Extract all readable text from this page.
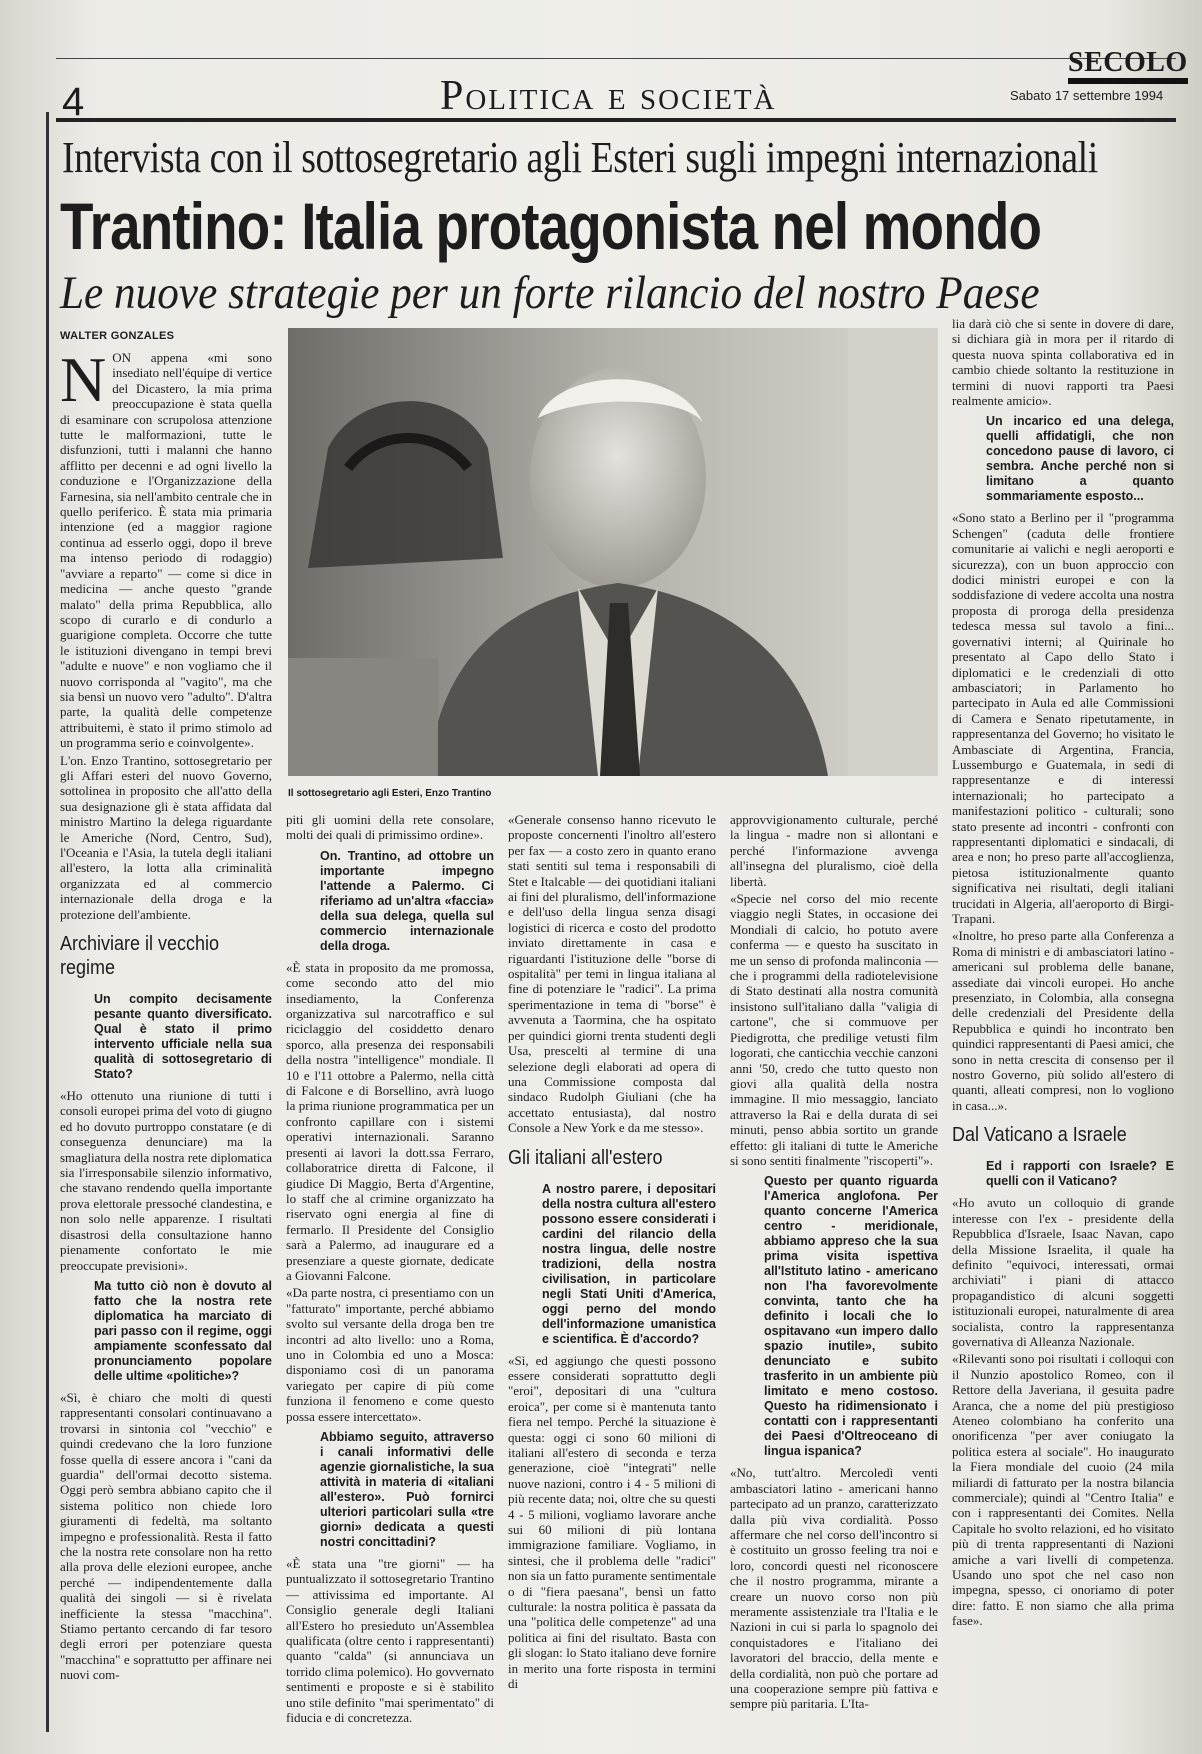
4	Politica e società
SECOLO
Sabato 17 settembre 1994
Intervista con il sottosegretario agli Esteri sugli impegni internazionali
Trantino: Italia protagonista nel mondo
Le nuove strategie per un forte rilancio del nostro Paese
WALTER GONZALES
Il sottosegretario agli Esteri, Enzo Trantino

NON appena «mi sono insediato nell'équipe di vertice del Dicastero, la mia prima preoccupazione è stata quella di esaminare con scrupolosa attenzione tutte le malformazioni, tutte le disfunzioni, tutti i malanni che hanno afflitto per decenni e ad ogni livello la conduzione e l'Organizzazione della Farnesina, sia nell'ambito centrale che in quello periferico. È stata mia primaria intenzione (ed a maggior ragione continua ad esserlo oggi, dopo il breve ma intenso periodo di rodaggio) "avviare a reparto" — come si dice in medicina — anche questo "grande malato" della prima Repubblica, allo scopo di curarlo e di condurlo a guarigione completa. Occorre che tutte le istituzioni divengano in tempi brevi "adulte e nuove" e non vogliamo che il nuovo corrisponda al "vagito", ma che sia bensì un nuovo vero "adulto". D'altra parte, la qualità delle competenze attribuitemi, è stato il primo stimolo ad un programma serio e coinvolgente».

L'on. Enzo Trantino, sottosegretario per gli Affari esteri del nuovo Governo, sottolinea in proposito che all'atto della sua designazione gli è stata affidata dal ministro Martino la delega riguardante le Americhe (Nord, Centro, Sud), l'Oceania e l'Asia, la tutela degli italiani all'estero, la lotta alla criminalità organizzata ed al commercio internazionale della droga e la protezione dell'ambiente.

Archiviare il vecchio regime
Un compito decisamente pesante quanto diversificato. Qual è stato il primo intervento ufficiale nella sua qualità di sottosegretario di Stato?

«Ho ottenuto una riunione di tutti i consoli europei prima del voto di giugno ed ho dovuto purtroppo constatare (e di conseguenza denunciare) ma la smagliatura della nostra rete diplomatica sia l'irresponsabile silenzio informativo, che stavano rendendo quella importante prova elettorale pressoché clandestina, e non solo nelle apparenze. I risultati disastrosi della consultazione hanno pienamente confortato le mie preoccupate previsioni».

Ma tutto ciò non è dovuto al fatto che la nostra rete diplomatica ha marciato di pari passo con il regime, oggi ampiamente sconfessato dal pronunciamento popolare delle ultime «politiche»?

«Sì, è chiaro che molti di questi rappresentanti consolari continuavano a trovarsi in sintonia col "vecchio" e quindi credevano che la loro funzione fosse quella di essere ancora i "cani da guardia" dell'ormai decotto sistema. Oggi però sembra abbiano capito che il sistema politico non chiede loro giuramenti di fedeltà, ma soltanto impegno e professionalità. Resta il fatto che la nostra rete consolare non ha retto alla prova delle elezioni europee, anche perché — indipendentemente dalla qualità dei singoli — si è rivelata inefficiente la stessa "macchina". Stiamo pertanto cercando di far tesoro degli errori per potenziare questa "macchina" e soprattutto per affinare nei nuovi com-

piti gli uomini della rete consolare, molti dei quali di primissimo ordine».

On. Trantino, ad ottobre un importante impegno l'attende a Palermo. Ci riferiamo ad un'altra «faccia» della sua delega, quella sul commercio internazionale della droga.

«È stata in proposito da me promossa, come secondo atto del mio insediamento, la Conferenza organizzativa sul narcotraffico e sul riciclaggio del cosiddetto denaro sporco, alla presenza dei responsabili della nostra "intelligence" mondiale. Il 10 e l'11 ottobre a Palermo, nella città di Falcone e di Borsellino, avrà luogo la prima riunione programmatica per un confronto capillare con i sistemi operativi internazionali. Saranno presenti ai lavori la dott.ssa Ferraro, collaboratrice diretta di Falcone, il giudice Di Maggio, Berta d'Argentine, lo staff che al crimine organizzato ha riservato ogni energia al fine di fermarlo. Il Presidente del Consiglio sarà a Palermo, ad inaugurare ed a presenziare a queste giornate, dedicate a Giovanni Falcone.

«Da parte nostra, ci presentiamo con un "fatturato" importante, perché abbiamo svolto sul versante della droga ben tre incontri ad alto livello: uno a Roma, uno in Colombia ed uno a Mosca: disponiamo così di un panorama variegato per capire di più come funziona il fenomeno e come questo possa essere intercettato».

Abbiamo seguito, attraverso i canali informativi delle agenzie giornalistiche, la sua attività in materia di «italiani all'estero». Può fornirci ulteriori particolari sulla «tre giorni» dedicata a questi nostri concittadini?

«È stata una "tre giorni" — ha puntualizzato il sottosegretario Trantino — attivissima ed importante. Al Consiglio generale degli Italiani all'Estero ho presieduto un'Assemblea qualificata (oltre cento i rappresentanti) quanto "calda" (si annunciava un torrido clima polemico). Ho govvernato sentimenti e proposte e si è stabilito uno stile definito "mai sperimentato" di fiducia e di concretezza.

«Generale consenso hanno ricevuto le proposte concernenti l'inoltro all'estero per fax — a costo zero in quanto erano stati sentiti sul tema i responsabili di Stet e Italcable — dei quotidiani italiani ai fini del pluralismo, dell'informazione e dell'uso della lingua senza disagi logistici di ricerca e costo del prodotto inviato direttamente in casa e riguardanti l'istituzione delle "borse di ospitalità" per temi in lingua italiana al fine di potenziare le "radici". La prima sperimentazione in tema di "borse" è avvenuta a Taormina, che ha ospitato per quindici giorni trenta studenti degli Usa, prescelti al termine di una selezione degli elaborati ad opera di una Commissione composta dal sindaco Rudolph Giuliani (che ha accettato entusiasta), dal nostro Console a New York e da me stesso».

Gli italiani all'estero
A nostro parere, i depositari della nostra cultura all'estero possono essere considerati i cardini del rilancio della nostra lingua, delle nostre tradizioni, della nostra civilisation, in particolare negli Stati Uniti d'America, oggi perno del mondo dell'informazione umanistica e scientifica. È d'accordo?

«Sì, ed aggiungo che questi possono essere considerati soprattutto degli "eroi", depositari di una "cultura eroica", per come si è mantenuta tanto fiera nel tempo. Perché la situazione è questa: oggi ci sono 60 milioni di italiani all'estero di seconda e terza generazione, cioè "integrati" nelle nuove nazioni, contro i 4 - 5 milioni di più recente data; noi, oltre che su questi 4 - 5 milioni, vogliamo lavorare anche sui 60 milioni di più lontana immigrazione familiare. Vogliamo, in sintesi, che il problema delle "radici" non sia un fatto puramente sentimentale o di "fiera paesana", bensì un fatto culturale: la nostra politica è passata da una "politica delle competenze" ad una politica ai fini del risultato. Basta con gli slogan: lo Stato italiano deve fornire in merito una forte risposta in termini di

approvvigionamento culturale, perché la lingua - madre non si allontani e perché l'informazione avvenga all'insegna del pluralismo, cioè della libertà.

«Specie nel corso del mio recente viaggio negli States, in occasione dei Mondiali di calcio, ho potuto avere conferma — e questo ha suscitato in me un senso di profonda malinconia — che i programmi della radiotelevisione di Stato destinati alla nostra comunità insistono sull'italiano dalla "valigia di cartone", che si commuove per Piedigrotta, che predilige vetusti film logorati, che canticchia vecchie canzoni anni '50, credo che tutto questo non giovi alla qualità della nostra immagine. Il mio messaggio, lanciato attraverso la Rai e della durata di sei minuti, penso abbia sortito un grande effetto: gli italiani di tutte le Americhe si sono sentiti finalmente "riscoperti"».

Questo per quanto riguarda l'America anglofona. Per quanto concerne l'America centro - meridionale, abbiamo appreso che la sua prima visita ispettiva all'Istituto latino - americano non l'ha favorevolmente convinta, tanto che ha definito i locali che lo ospitavano «un impero dallo spazio inutile», subito denunciato e subito trasferito in un ambiente più limitato e meno costoso. Questo ha ridimensionato i contatti con i rappresentanti dei Paesi d'Oltreoceano di lingua ispanica?

«No, tutt'altro. Mercoledì venti ambasciatori latino - americani hanno partecipato ad un pranzo, caratterizzato dalla più viva cordialità. Posso affermare che nel corso dell'incontro si è costituito un grosso feeling tra noi e loro, concordi questi nel riconoscere che il nostro programma, mirante a creare un nuovo corso non più meramente assistenziale tra l'Italia e le Nazioni in cui si parla lo spagnolo dei conquistadores e l'italiano dei lavoratori del braccio, della mente e della cordialità, non può che portare ad una cooperazione sempre più fattiva e sempre più paritaria. L'Ita-

lia darà ciò che si sente in dovere di dare, si dichiara già in mora per il ritardo di questa nuova spinta collaborativa ed in cambio chiede soltanto la restituzione in termini di nuovi rapporti tra Paesi realmente amicio».

Un incarico ed una delega, quelli affidatigli, che non concedono pause di lavoro, ci sembra. Anche perché non si limitano a quanto sommariamente esposto...

«Sono stato a Berlino per il "programma Schengen" (caduta delle frontiere comunitarie ai valichi e negli aeroporti e sicurezza), con un buon approccio con dodici ministri europei e con la soddisfazione di vedere accolta una nostra proposta di proroga della presidenza tedesca messa sul tavolo a fini... governativi interni; al Quirinale ho presentato al Capo dello Stato i diplomatici e le credenziali di otto ambasciatori; in Parlamento ho partecipato in Aula ed alle Commissioni di Camera e Senato ripetutamente, in rappresentanza del Governo; ho visitato le Ambasciate di Argentina, Francia, Lussemburgo e Guatemala, in sedi di rappresentanze e di interessi internazionali; ho partecipato a manifestazioni politico - culturali; sono stato presente ad incontri - confronti con rappresentanti diplomatici e sindacali, di area e non; ho preso parte all'accoglienza, pietosa istituzionalmente quanto significativa nei risultati, degli italiani trucidati in Algeria, all'aeroporto di Birgi-Trapani.

«Inoltre, ho preso parte alla Conferenza a Roma di ministri e di ambasciatori latino - americani sul problema delle banane, assediate dai vincoli europei. Ho anche presenziato, in Colombia, alla consegna delle credenziali del Presidente della Repubblica e quindi ho incontrato ben quindici rappresentanti di Paesi amici, che sono in netta crescita di consenso per il nostro Governo, più solido all'estero di quanti, alleati compresi, non lo vogliono in casa...».

Dal Vaticano a Israele
Ed i rapporti con Israele? E quelli con il Vaticano?

«Ho avuto un colloquio di grande interesse con l'ex - presidente della Repubblica d'Israele, Isaac Navan, capo della Missione Israelita, il quale ha definito "equivoci, interessati, ormai archiviati" i piani di attacco propagandistico di alcuni soggetti istituzionali europei, naturalmente di area socialista, contro la rappresentanza governativa di Alleanza Nazionale.

«Rilevanti sono poi risultati i colloqui con il Nunzio apostolico Romeo, con il Rettore della Javeriana, il gesuita padre Aranca, che a nome del più prestigioso Ateneo colombiano ha conferito una onorificenza "per aver coniugato la politica estera al sociale". Ho inaugurato la Fiera mondiale del cuoio (24 mila miliardi di fatturato per la nostra bilancia commerciale); quindi al "Centro Italia" e con i rappresentanti dei Comites. Nella Capitale ho svolto relazioni, ed ho visitato più di trenta rappresentanti di Nazioni amiche a vari livelli di competenza. Usando uno spot che nel caso non impegna, spesso, ci onoriamo di poter dire: fatto. E non siamo che alla prima fase».
